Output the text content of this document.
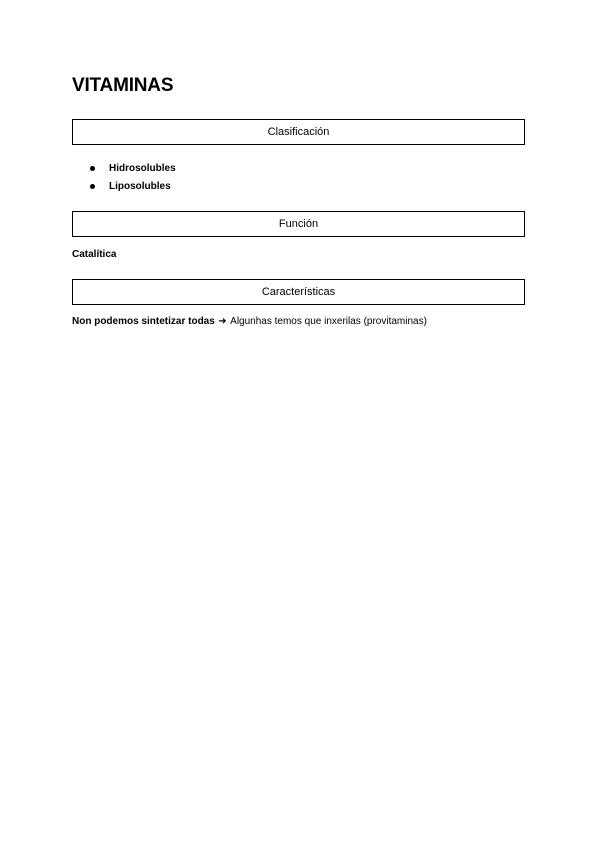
VITAMINAS
Clasificación
Hidrosolubles
Liposolubles
Función
Catalítica
Características
Non podemos sintetizar todas ➜ Algunhas temos que inxerilas (provitaminas)
